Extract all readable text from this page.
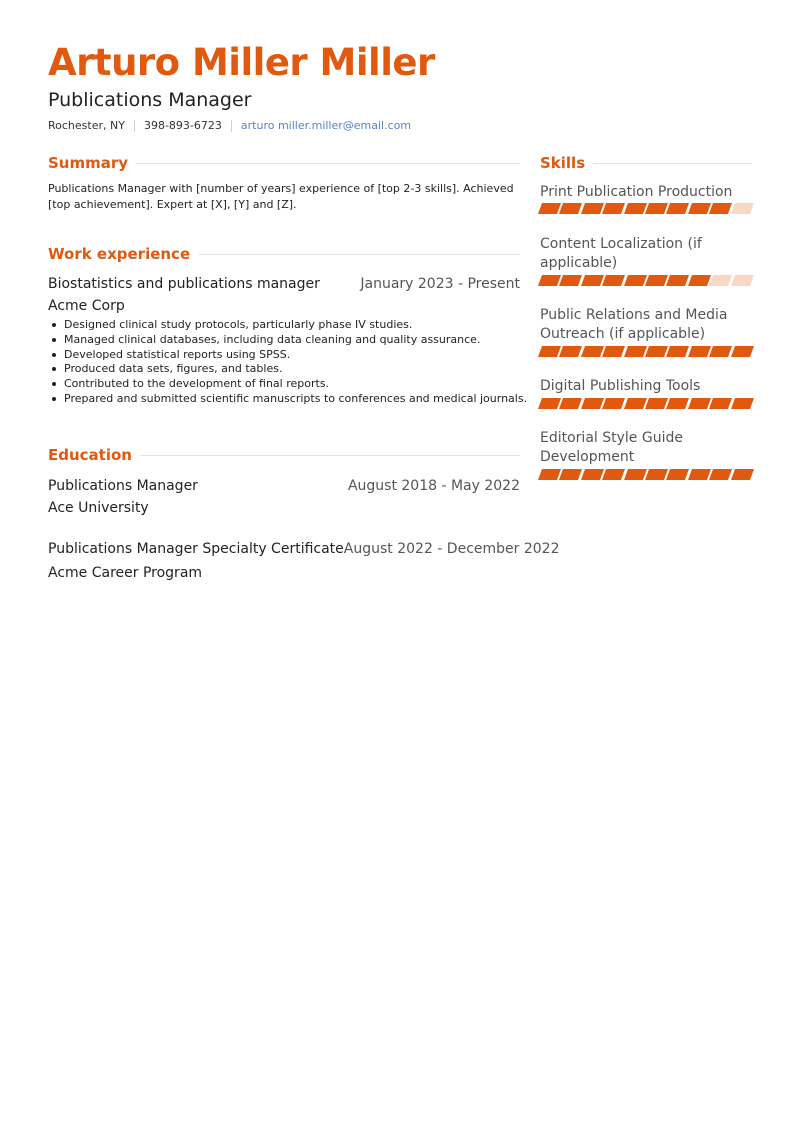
Arturo Miller Miller
Publications Manager
Rochester, NY 398-893-6723 arturo miller.miller@email.com
Summary
Publications Manager with [number of years] experience of [top 2-3 skills]. Achieved [top achievement]. Expert at [X], [Y] and [Z].
Work experience
Biostatistics and publications manager	January 2023 - Present
Acme Corp
Designed clinical study protocols, particularly phase IV studies.
Managed clinical databases, including data cleaning and quality assurance.
Developed statistical reports using SPSS.
Produced data sets, figures, and tables.
Contributed to the development of final reports.
Prepared and submitted scientific manuscripts to conferences and medical journals.
Education
Publications Manager	August 2018 - May 2022
Ace University
Publications Manager Specialty Certificate August 2022 - December 2022
Acme Career Program
Skills
Print Publication Production
Content Localization (if applicable)
Public Relations and Media Outreach (if applicable)
Digital Publishing Tools
Editorial Style Guide Development
